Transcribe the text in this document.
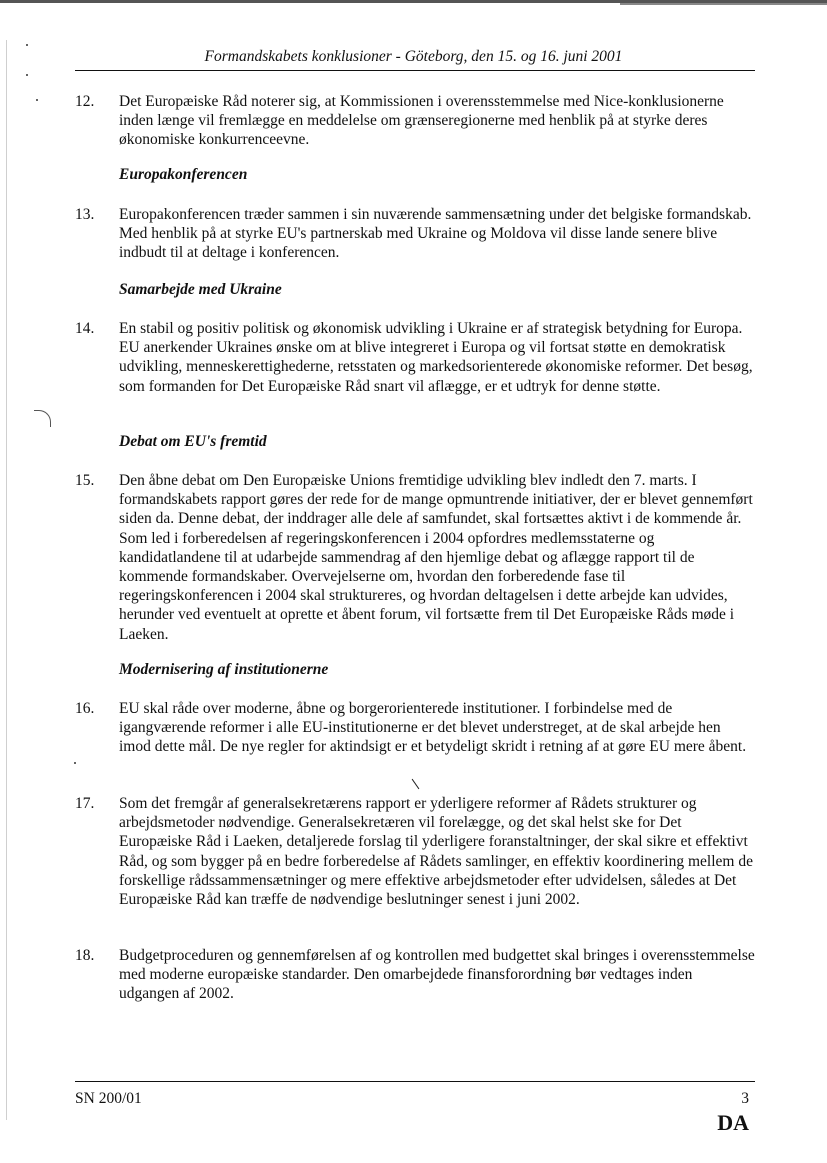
Formandskabets konklusioner - Göteborg, den 15. og 16. juni 2001
12.	Det Europæiske Råd noterer sig, at Kommissionen i overensstemmelse med Nice-konklusionerne inden længe vil fremlægge en meddelelse om grænseregionerne med henblik på at styrke deres økonomiske konkurrenceevne.
Europakonferencen
13.	Europakonferencen træder sammen i sin nuværende sammensætning under det belgiske formandskab. Med henblik på at styrke EU's partnerskab med Ukraine og Moldova vil disse lande senere blive indbudt til at deltage i konferencen.
Samarbejde med Ukraine
14.	En stabil og positiv politisk og økonomisk udvikling i Ukraine er af strategisk betydning for Europa. EU anerkender Ukraines ønske om at blive integreret i Europa og vil fortsat støtte en demokratisk udvikling, menneskerettighederne, retsstaten og markedsorienterede økonomiske reformer. Det besøg, som formanden for Det Europæiske Råd snart vil aflægge, er et udtryk for denne støtte.
Debat om EU's fremtid
15.	Den åbne debat om Den Europæiske Unions fremtidige udvikling blev indledt den 7. marts. I formandskabets rapport gøres der rede for de mange opmuntrende initiativer, der er blevet gennemført siden da. Denne debat, der inddrager alle dele af samfundet, skal fortsættes aktivt i de kommende år. Som led i forberedelsen af regeringskonferencen i 2004 opfordres medlemsstaterne og kandidatlandene til at udarbejde sammendrag af den hjemlige debat og aflægge rapport til de kommende formandskaber. Overvejelserne om, hvordan den forberedende fase til regeringskonferencen i 2004 skal struktureres, og hvordan deltagelsen i dette arbejde kan udvides, herunder ved eventuelt at oprette et åbent forum, vil fortsætte frem til Det Europæiske Råds møde i Laeken.
Modernisering af institutionerne
16.	EU skal råde over moderne, åbne og borgerorienterede institutioner. I forbindelse med de igangværende reformer i alle EU-institutionerne er det blevet understreget, at de skal arbejde hen imod dette mål. De nye regler for aktindsigt er et betydeligt skridt i retning af at gøre EU mere åbent.
17.	Som det fremgår af generalsekretærens rapport er yderligere reformer af Rådets strukturer og arbejdsmetoder nødvendige. Generalsekretæren vil forelægge, og det skal helst ske for Det Europæiske Råd i Laeken, detaljerede forslag til yderligere foranstaltninger, der skal sikre et effektivt Råd, og som bygger på en bedre forberedelse af Rådets samlinger, en effektiv koordinering mellem de forskellige rådssammensætninger og mere effektive arbejdsmetoder efter udvidelsen, således at Det Europæiske Råd kan træffe de nødvendige beslutninger senest i juni 2002.
18.	Budgetproceduren og gennemførelsen af og kontrollen med budgettet skal bringes i overensstemmelse med moderne europæiske standarder. Den omarbejdede finansforordning bør vedtages inden udgangen af 2002.
SN 200/01	3
DA
